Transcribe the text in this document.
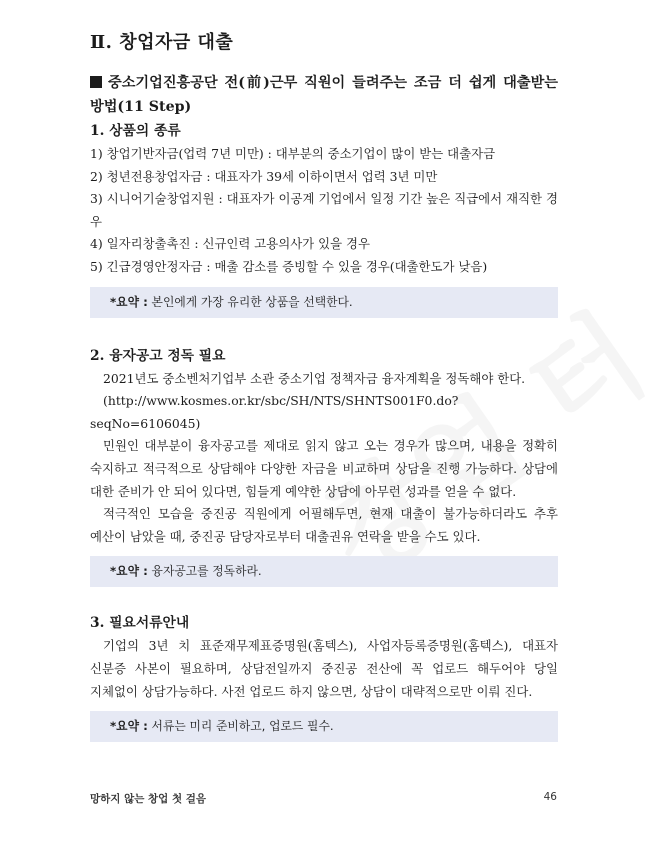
Ⅱ. 창업자금 대출

중소기업진흥공단 전(前)근무 직원이 들려주는 조금 더 쉽게 대출받는 방법(11 Step)

1. 상품의 종류

1) 창업기반자금(업력 7년 미만) : 대부분의 중소기업이 많이 받는 대출자금

2) 청년전용창업자금 : 대표자가 39세 이하이면서 업력 3년 미만

3) 시니어기술창업지원 : 대표자가 이공계 기업에서 일정 기간 높은 직급에서 재직한 경우

4) 일자리창출촉진 : 신규인력 고용의사가 있을 경우

5) 긴급경영안정자금 : 매출 감소를 증빙할 수 있을 경우(대출한도가 낮음)

*요약 : 본인에게 가장 유리한 상품을 선택한다.

2. 융자공고 정독 필요

2021년도 중소벤처기업부 소관 중소기업 정책자금 융자계획을 정독해야 한다.

(http://www.kosmes.or.kr/sbc/SH/NTS/SHNTS001F0.do?seqNo=6106045)

민원인 대부분이 융자공고를 제대로 읽지 않고 오는 경우가 많으며, 내용을 정확히 숙지하고 적극적으로 상담해야 다양한 자금을 비교하며 상담을 진행 가능하다. 상담에 대한 준비가 안 되어 있다면, 힘들게 예약한 상담에 아무런 성과를 얻을 수 없다.

적극적인 모습을 중진공 직원에게 어필해두면, 현재 대출이 불가능하더라도 추후 예산이 남았을 때, 중진공 담당자로부터 대출권유 연락을 받을 수도 있다.

*요약 : 융자공고를 정독하라.

3. 필요서류안내

기업의 3년 치 표준재무제표증명원(홈텍스), 사업자등록증명원(홈텍스), 대표자 신분증 사본이 필요하며, 상담전일까지 중진공 전산에 꼭 업로드 해두어야 당일 지체없이 상담가능하다. 사전 업로드 하지 않으면, 상담이 대략적으로만 이뤄 진다.

*요약 : 서류는 미리 준비하고, 업로드 필수.
망하지 않는 창업 첫 걸음	46
